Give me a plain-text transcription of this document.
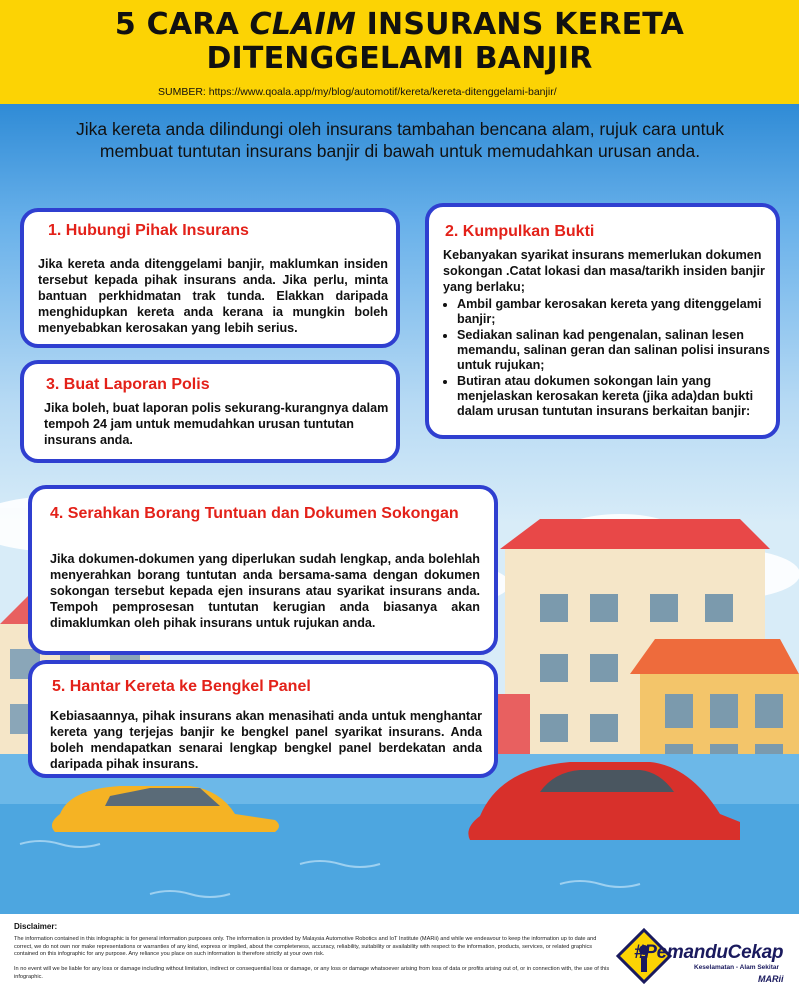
5 CARA CLAIM INSURANS KERETA
DITENGGELAMI BANJIR
SUMBER: https://www.qoala.app/my/blog/automotif/kereta/kereta-ditenggelami-banjir/
Jika kereta anda dilindungi oleh insurans tambahan bencana alam, rujuk cara untuk membuat tuntutan insurans banjir di bawah untuk memudahkan urusan anda.
1. Hubungi Pihak Insurans

Jika kereta anda ditenggelami banjir, maklumkan insiden tersebut kepada pihak insurans anda. Jika perlu, minta bantuan perkhidmatan trak tunda. Elakkan daripada menghidupkan kereta anda kerana ia mungkin boleh menyebabkan kerosakan yang lebih serius.

2. Kumpulkan Bukti

Kebanyakan syarikat insurans memerlukan dokumen sokongan .Catat lokasi dan masa/tarikh insiden banjir yang berlaku;

• Ambil gambar kerosakan kereta yang ditenggelami banjir;
• Sediakan salinan kad pengenalan, salinan lesen memandu, salinan geran dan salinan polisi insurans untuk rujukan;
• Butiran atau dokumen sokongan lain yang menjelaskan kerosakan kereta (jika ada)dan bukti dalam urusan tuntutan insurans berkaitan banjir:
3. Buat Laporan Polis

Jika boleh, buat laporan polis sekurang-kurangnya dalam tempoh 24 jam untuk memudahkan urusan tuntutan insurans anda.

4. Serahkan Borang Tuntuan dan Dokumen Sokongan

Jika dokumen-dokumen yang diperlukan sudah lengkap, anda bolehlah menyerahkan borang tuntutan anda bersama-sama dengan dokumen sokongan tersebut kepada ejen insurans atau syarikat insurans anda. Tempoh pemprosesan tuntutan kerugian anda biasanya akan dimaklumkan oleh pihak insurans untuk rujukan anda.

5. Hantar Kereta ke Bengkel Panel

Kebiasaannya, pihak insurans akan menasihati anda untuk menghantar kereta yang terjejas banjir ke bengkel panel syarikat insurans. Anda boleh mendapatkan senarai lengkap bengkel panel berdekatan anda daripada pihak insurans.

Disclaimer:
The information contained in this infographic is for general information purposes only. The information is provided by Malaysia Automotive Robotics and IoT Institute (MARii) and while we endeavour to keep the information up to date and correct, we do not own nor make representations or warranties of any kind, express or implied, about the completeness, accuracy, reliability, suitability or availability with respect to the information, products, services, or related graphics contained on this infographic for any purpose. Any reliance you place on such information is therefore strictly at your own risk.
In no event will we be liable for any loss or damage including without limitation, indirect or consequential loss or damage, or any loss or damage whatsoever arising from loss of data or profits arising out of, or in connection with, the use of this infographic.
#PemanduCekap
Keselamatan - Alam Sekitar
MARii
